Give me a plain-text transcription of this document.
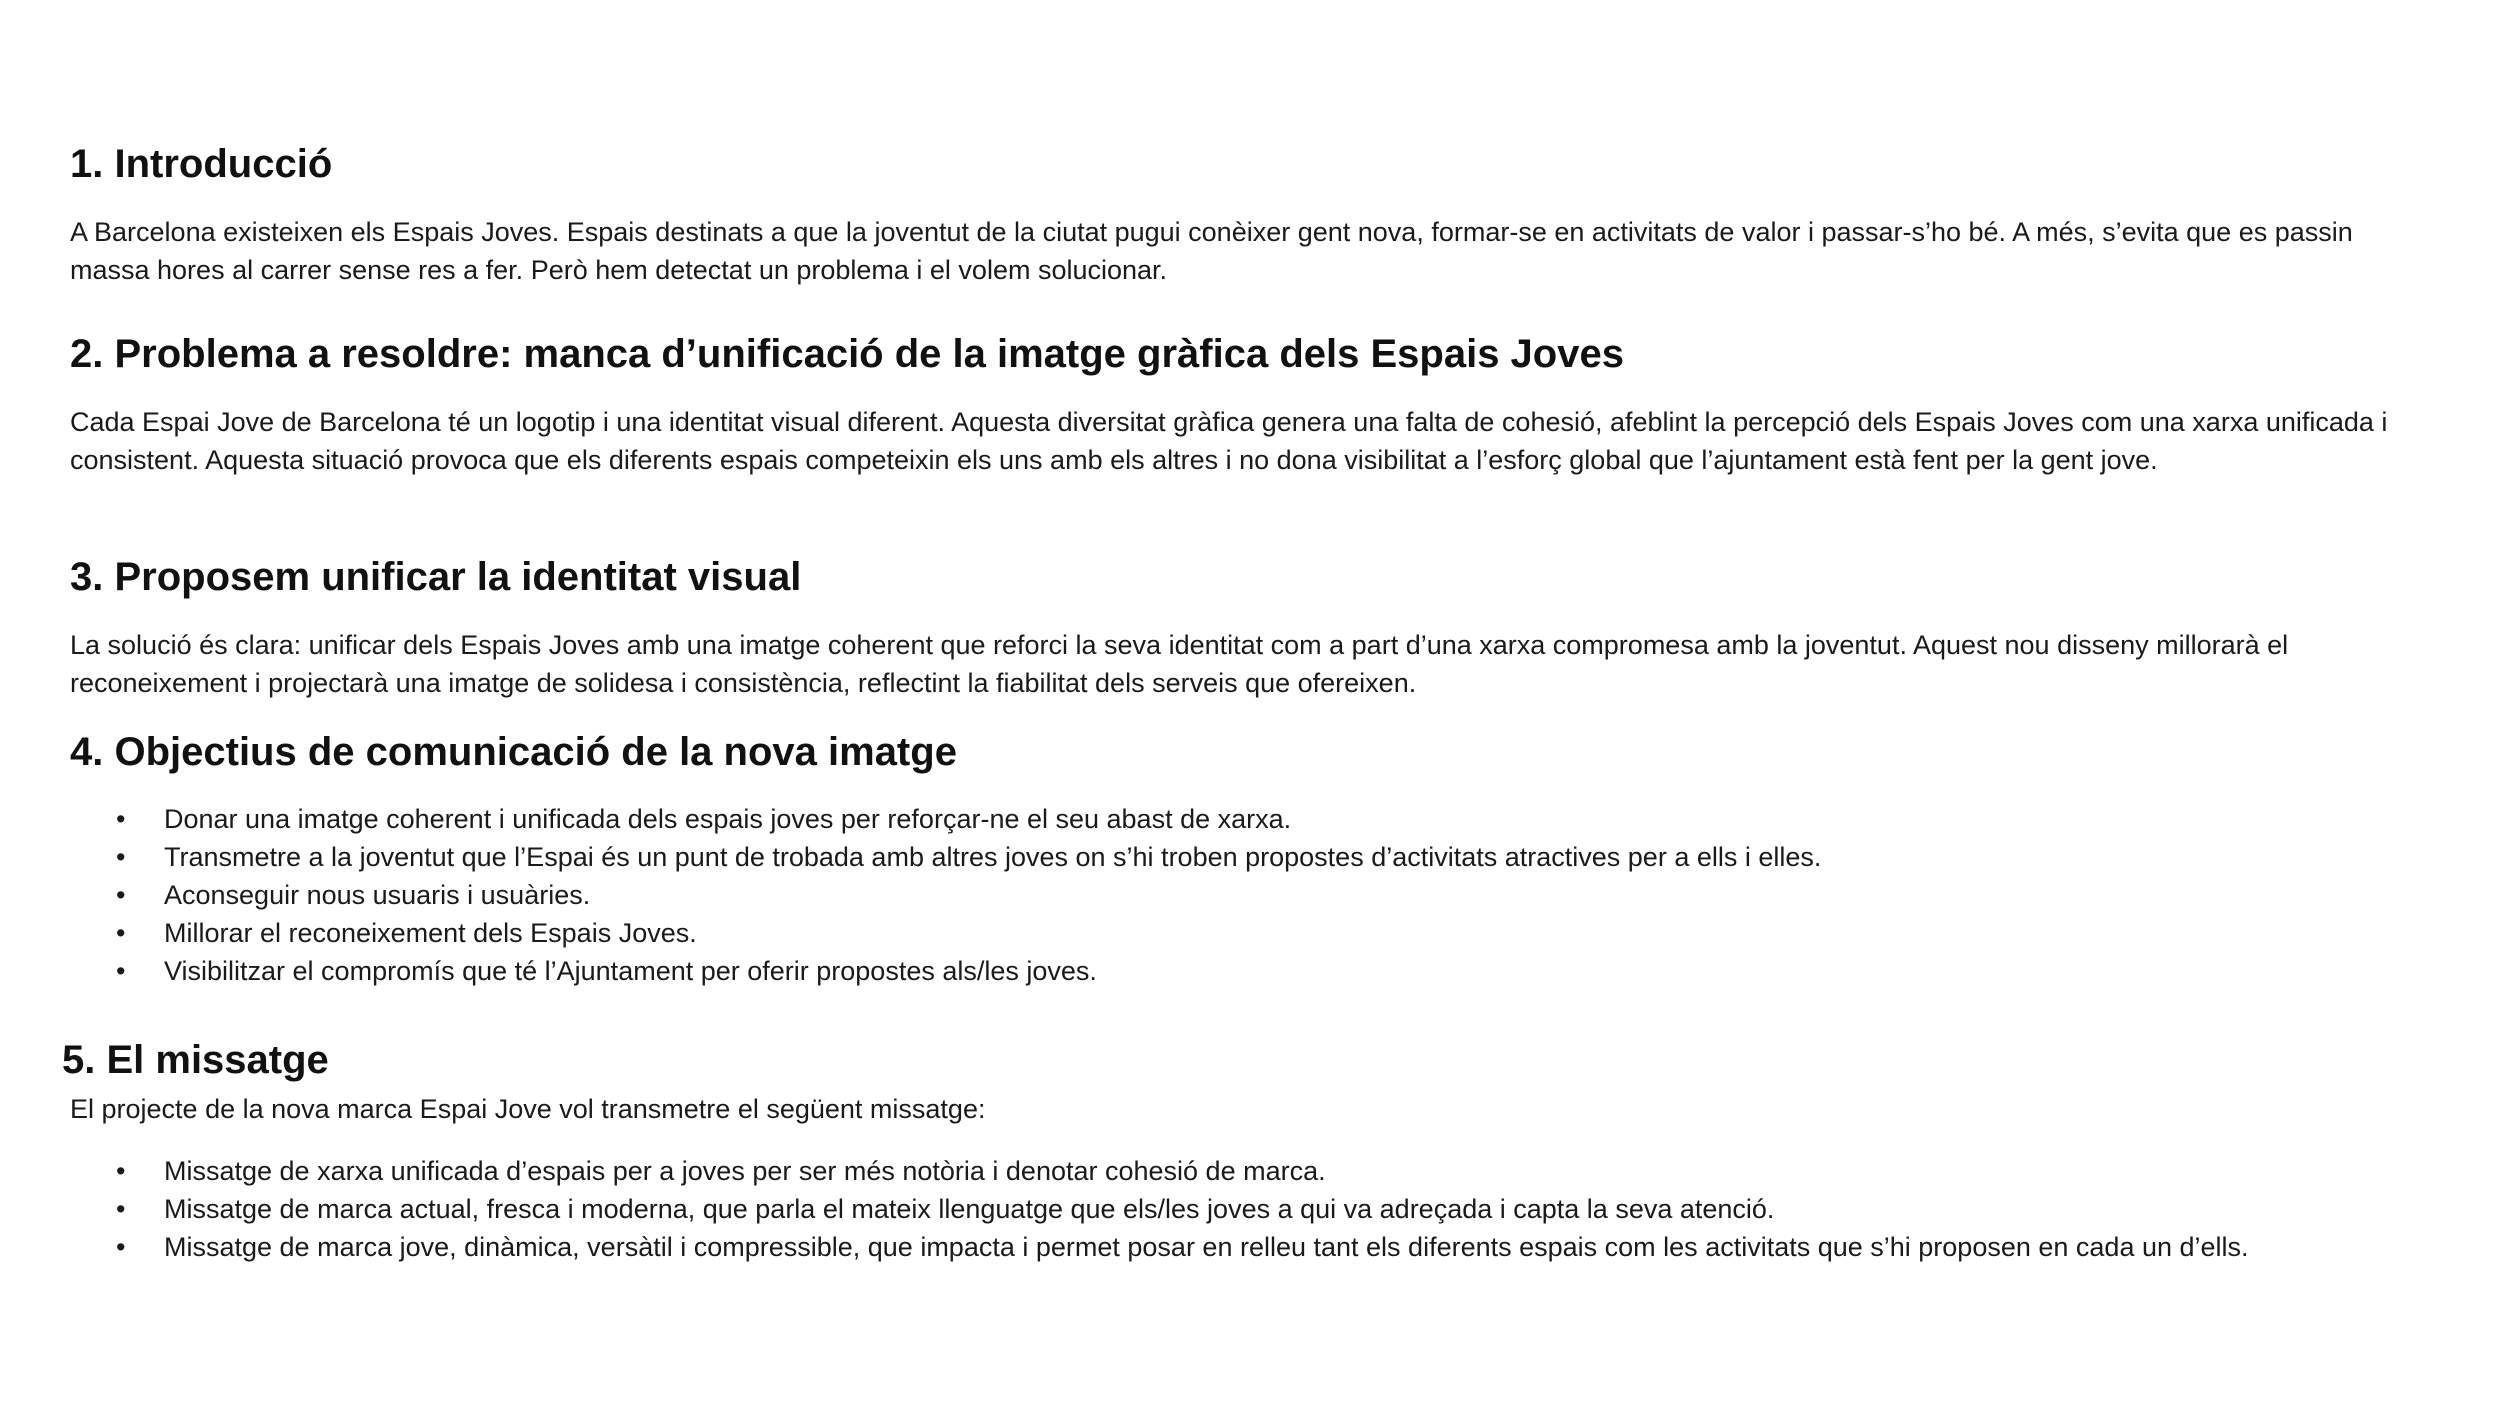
1. Introducció

A Barcelona existeixen els Espais Joves. Espais destinats a que la joventut de la ciutat pugui conèixer gent nova, formar-se en activitats de valor i passar-s’ho bé. A més, s’evita que es passin massa hores al carrer sense res a fer. Però hem detectat un problema i el volem solucionar.

2. Problema a resoldre: manca d’unificació de la imatge gràfica dels Espais Joves

Cada Espai Jove de Barcelona té un logotip i una identitat visual diferent. Aquesta diversitat gràfica genera una falta de cohesió, afeblint la percepció dels Espais Joves com una xarxa unificada i consistent. Aquesta situació provoca que els diferents espais competeixin els uns amb els altres i no dona visibilitat a l’esforç global que l’ajuntament està fent per la gent jove.

3. Proposem unificar la identitat visual

La solució és clara: unificar dels Espais Joves amb una imatge coherent que reforci la seva identitat com a part d’una xarxa compromesa amb la joventut. Aquest nou disseny millorarà el reconeixement i projectarà una imatge de solidesa i consistència, reflectint la fiabilitat dels serveis que ofereixen.

4. Objectius de comunicació de la nova imatge
• Donar una imatge coherent i unificada dels espais joves per reforçar-ne el seu abast de xarxa.
• Transmetre a la joventut que l’Espai és un punt de trobada amb altres joves on s’hi troben propostes d’activitats atractives per a ells i elles.
• Aconseguir nous usuaris i usuàries.
• Millorar el reconeixement dels Espais Joves.
• Visibilitzar el compromís que té l’Ajuntament per oferir propostes als/les joves.
5. El missatge

El projecte de la nova marca Espai Jove vol transmetre el següent missatge:

• Missatge de xarxa unificada d’espais per a joves per ser més notòria i denotar cohesió de marca.
• Missatge de marca actual, fresca i moderna, que parla el mateix llenguatge que els/les joves a qui va adreçada i capta la seva atenció.
• Missatge de marca jove, dinàmica, versàtil i compressible, que impacta i permet posar en relleu tant els diferents espais com les activitats que s’hi proposen en cada un d’ells.
